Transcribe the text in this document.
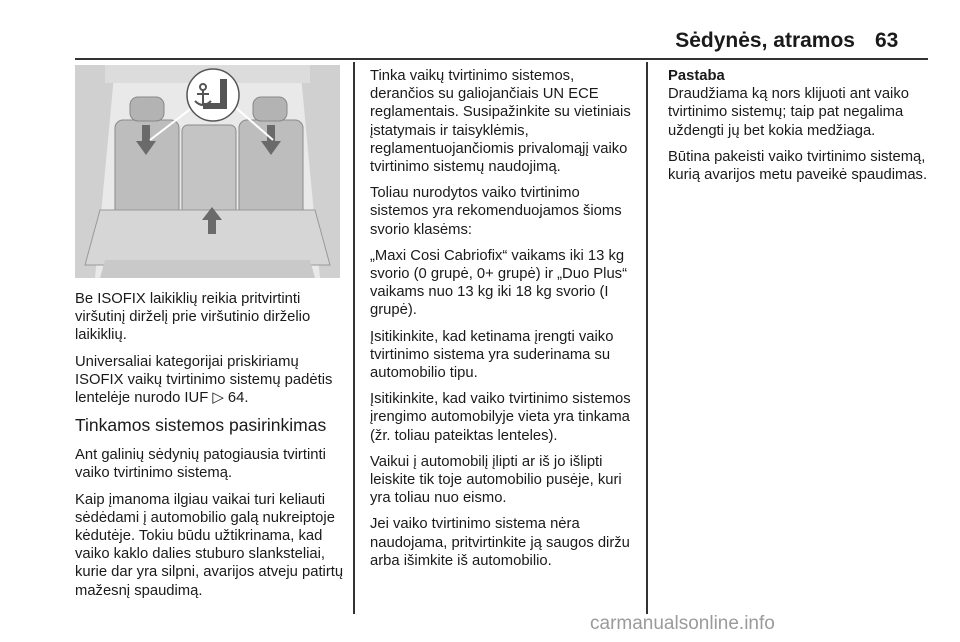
Sėdynės, atramos 63

Be ISOFIX laikiklių reikia pritvirtinti viršutinį dirželį prie viršutinio dirželio laikiklių.

Universaliai kategorijai priskiriamų ISOFIX vaikų tvirtinimo sistemų padėtis lentelėje nurodo IUF ▷ 64.

Tinkamos sistemos pasirinkimas

Ant galinių sėdynių patogiausia tvirtinti vaiko tvirtinimo sistemą.

Kaip įmanoma ilgiau vaikai turi keliauti sėdėdami į automobilio galą nukreiptoje kėdutėje. Tokiu būdu užtikrinama, kad vaiko kaklo dalies stuburo slanksteliai, kurie dar yra silpni, avarijos atveju patirtų mažesnį spaudimą.

Tinka vaikų tvirtinimo sistemos, derančios su galiojančiais UN ECE reglamentais. Susipažinkite su vietiniais įstatymais ir taisyklėmis, reglamentuojančiomis privalomąjį vaiko tvirtinimo sistemų naudojimą.

Toliau nurodytos vaiko tvirtinimo sistemos yra rekomenduojamos šioms svorio klasėms:

„Maxi Cosi Cabriofix“ vaikams iki 13 kg svorio (0 grupė, 0+ grupė) ir „Duo Plus“ vaikams nuo 13 kg iki 18 kg svorio (I grupė).

Įsitikinkite, kad ketinama įrengti vaiko tvirtinimo sistema yra suderinama su automobilio tipu.

Įsitikinkite, kad vaiko tvirtinimo sistemos įrengimo automobilyje vieta yra tinkama (žr. toliau pateiktas lenteles).

Vaikui į automobilį įlipti ar iš jo išlipti leiskite tik toje automobilio pusėje, kuri yra toliau nuo eismo.

Jei vaiko tvirtinimo sistema nėra naudojama, pritvirtinkite ją saugos diržu arba išimkite iš automobilio.

Pastaba

Draudžiama ką nors klijuoti ant vaiko tvirtinimo sistemų; taip pat negalima uždengti jų bet kokia medžiaga.

Būtina pakeisti vaiko tvirtinimo sistemą, kurią avarijos metu paveikė spaudimas.

carmanualsonline.info
